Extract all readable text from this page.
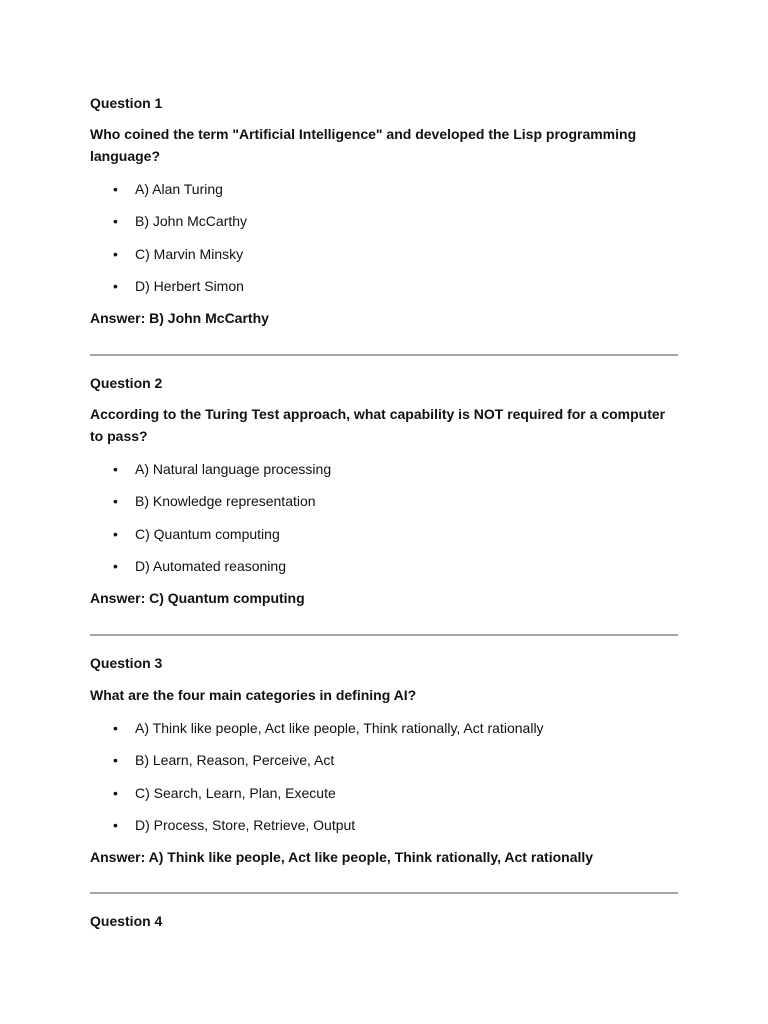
Question 1

Who coined the term "Artificial Intelligence" and developed the Lisp programming language?

• A) Alan Turing
• B) John McCarthy
• C) Marvin Minsky
• D) Herbert Simon

Answer: B) John McCarthy

Question 2

According to the Turing Test approach, what capability is NOT required for a computer to pass?

• A) Natural language processing
• B) Knowledge representation
• C) Quantum computing
• D) Automated reasoning

Answer: C) Quantum computing

Question 3

What are the four main categories in defining AI?

• A) Think like people, Act like people, Think rationally, Act rationally
• B) Learn, Reason, Perceive, Act
• C) Search, Learn, Plan, Execute
• D) Process, Store, Retrieve, Output

Answer: A) Think like people, Act like people, Think rationally, Act rationally

Question 4
